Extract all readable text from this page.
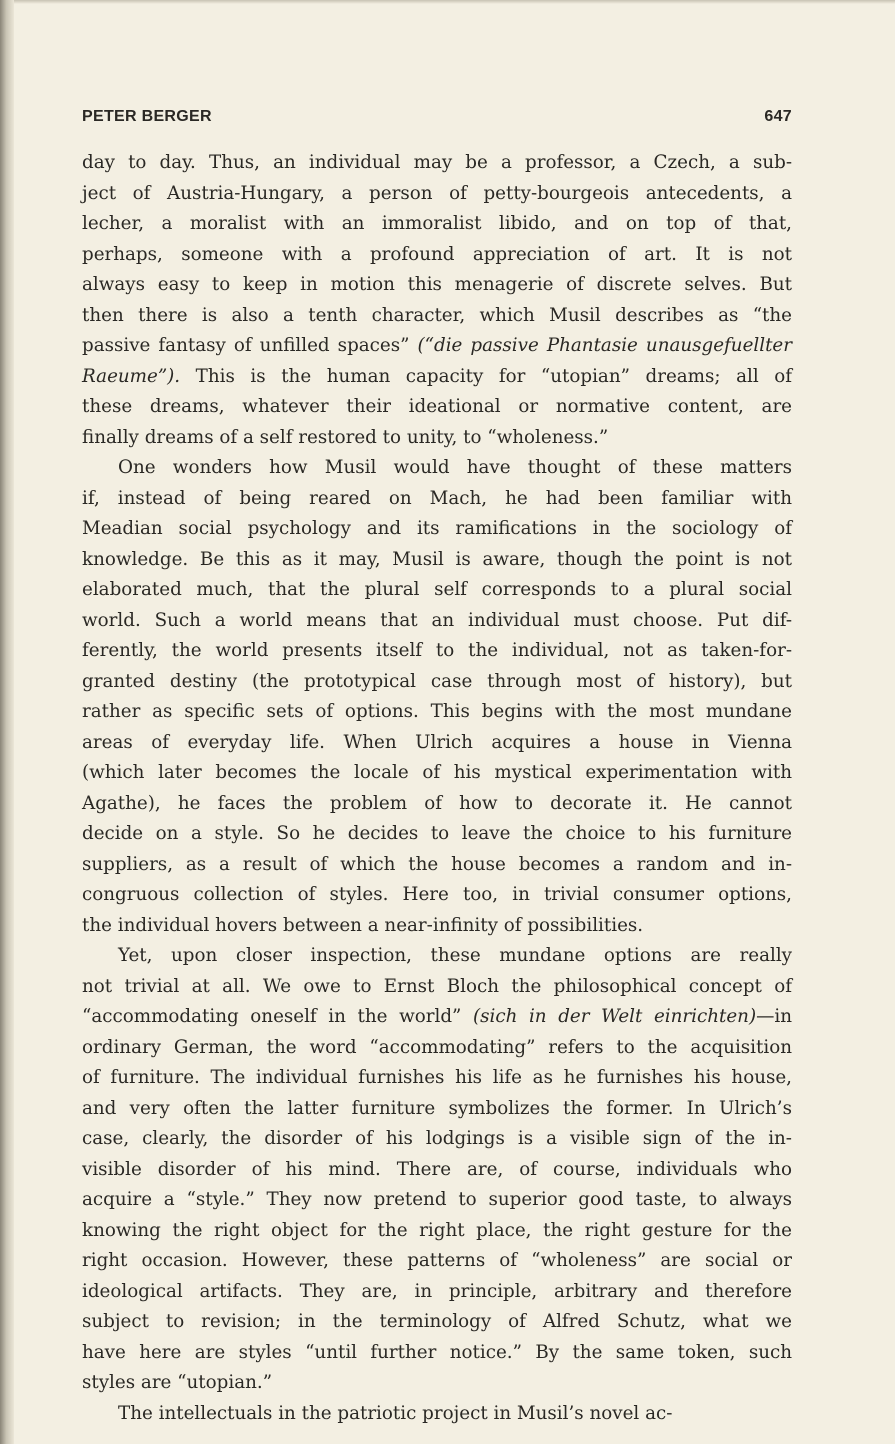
PETER BERGER	647
day to day. Thus, an individual may be a professor, a Czech, a sub-
ject of Austria-Hungary, a person of petty-bourgeois antecedents, a
lecher, a moralist with an immoralist libido, and on top of that,
perhaps, someone with a profound appreciation of art. It is not
always easy to keep in motion this menagerie of discrete selves. But
then there is also a tenth character, which Musil describes as “the
passive fantasy of unfilled spaces” (“die passive Phantasie unausgefuellter
Raeume”). This is the human capacity for “utopian” dreams; all of
these dreams, whatever their ideational or normative content, are
finally dreams of a self restored to unity, to “wholeness.”
One wonders how Musil would have thought of these matters
if, instead of being reared on Mach, he had been familiar with
Meadian social psychology and its ramifications in the sociology of
knowledge. Be this as it may, Musil is aware, though the point is not
elaborated much, that the plural self corresponds to a plural social
world. Such a world means that an individual must choose. Put dif-
ferently, the world presents itself to the individual, not as taken-for-
granted destiny (the prototypical case through most of history), but
rather as specific sets of options. This begins with the most mundane
areas of everyday life. When Ulrich acquires a house in Vienna
(which later becomes the locale of his mystical experimentation with
Agathe), he faces the problem of how to decorate it. He cannot
decide on a style. So he decides to leave the choice to his furniture
suppliers, as a result of which the house becomes a random and in-
congruous collection of styles. Here too, in trivial consumer options,
the individual hovers between a near-infinity of possibilities.
Yet, upon closer inspection, these mundane options are really
not trivial at all. We owe to Ernst Bloch the philosophical concept of
“accommodating oneself in the world” (sich in der Welt einrichten)—in
ordinary German, the word “accommodating” refers to the acquisition
of furniture. The individual furnishes his life as he furnishes his house,
and very often the latter furniture symbolizes the former. In Ulrich’s
case, clearly, the disorder of his lodgings is a visible sign of the in-
visible disorder of his mind. There are, of course, individuals who
acquire a “style.” They now pretend to superior good taste, to always
knowing the right object for the right place, the right gesture for the
right occasion. However, these patterns of “wholeness” are social or
ideological artifacts. They are, in principle, arbitrary and therefore
subject to revision; in the terminology of Alfred Schutz, what we
have here are styles “until further notice.” By the same token, such
styles are “utopian.”
The intellectuals in the patriotic project in Musil’s novel ac-
